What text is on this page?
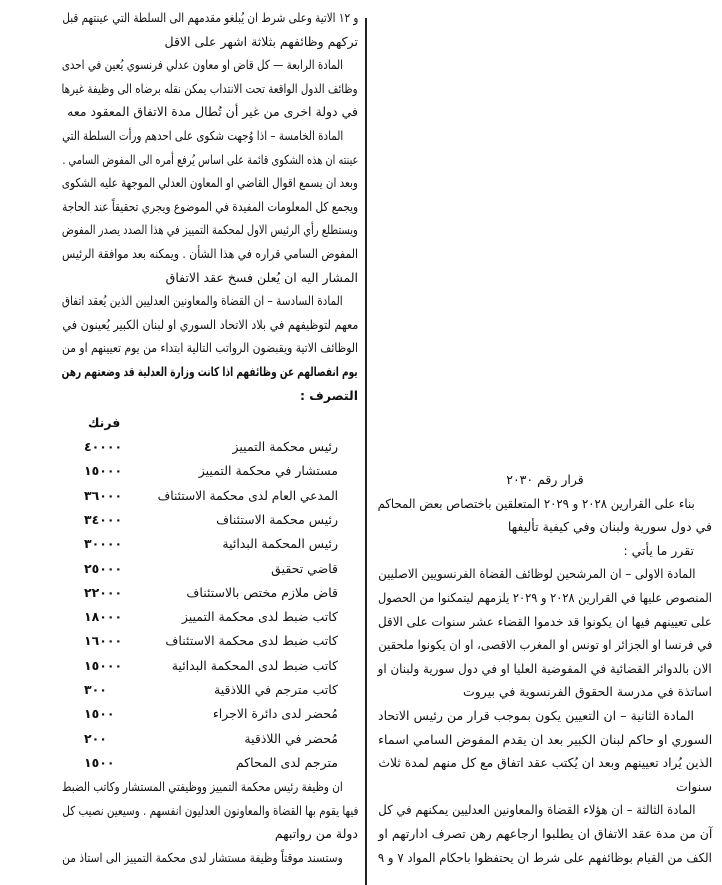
و ١٢ الاتية وعلى شرط ان يُبلغو مقدمهم الى السلطة التي عينتهم قبل
تركهم وظائفهم بثلاثة اشهر على الاقل
المادة الرابعة — كل قاض او معاون عدلي فرنسوي يُعين في احدى
وظائف الدول الواقعة تحت الانتداب يمكن نقله برضاه الى وظيفة غيرها
في دولة اخرى من غير أن تُطال مدة الاتفاق المعقود معه
المادة الخامسة – اذا وُجهت شكوى على احدهم ورأت السلطة التي
عينته ان هذه الشكوى قائمة على اساس يُرفع أمره الى المفوض السامي .
وبعد ان يسمع اقوال القاضي او المعاون العدلي الموجهة عليه الشكوى
ويجمع كل المعلومات المفيدة في الموضوع ويجري تحقيقاً عند الحاجة
ويستطلع رأي الرئيس الاول لمحكمة التمييز في هذا الصدد يصدر المفوض
المفوض السامي قراره في هذا الشأن . ويمكنه بعد موافقة الرئيس
المشار اليه ان يُعلن فسخ عقد الاتفاق
المادة السادسة – ان القضاة والمعاونين العدليين الذين يُعقد اتفاق
معهم لتوظيفهم في بلاد الاتحاد السوري او لبنان الكبير يُعينون في
الوظائف الاتية ويقبضون الرواتب التالية ابتداء من يوم تعيينهم او من
يوم انفصالهم عن وظائفهم اذا كانت وزارة العدلية قد وضعتهم رهن
التصرف :
فرنك
رئيس محكمة التمييز
٤٠٠٠٠
مستشار في محكمة التمييز
١٥٠٠٠
المدعي العام لدى محكمة الاستئناف
٣٦٠٠٠
رئيس محكمة الاستئناف
٣٤٠٠٠
رئيس المحكمة البدائية
٣٠٠٠٠
قاضي تحقيق
٢٥٠٠٠
قاض ملازم مختص بالاستئناف
٢٢٠٠٠
كاتب ضبط لدى محكمة التمييز
١٨٠٠٠
كاتب ضبط لدى محكمة الاستئناف
١٦٠٠٠
كاتب ضبط لدى المحكمة البدائية
١٥٠٠٠
كاتب مترجم في اللاذقية
٣٠٠
مُحضر لدى دائرة الاجراء
١٥٠٠
مُحضر في اللاذقية
٢٠٠
مترجم لدى المحاكم
١٥٠٠
ان وظيفة رئيس محكمة التمييز ووظيفتي المستشار وكاتب الضبط
فيها يقوم بها القضاة والمعاونون العدليون انفسهم . وسيعين نصيب كل
دولة من رواتبهم
وستسند موقتاً وظيفة مستشار لدى محكمة التمييز الى استاذ من
قرار رقم ٢٠٣٠
بناء على القرارين ٢٠٢٨ و ٢٠٢٩ المتعلقين باختصاص بعض المحاكم
في دول سورية ولبنان وفي كيفية تأليفها
تقرر ما يأتي :
المادة الاولى – ان المرشحين لوظائف القضاة الفرنسويين الاصليين
المنصوص عليها في القرارين ٢٠٢٨ و ٢٠٢٩ يلزمهم ليتمكنوا من الحصول
على تعيينهم فيها ان يكونوا قد خدموا القضاء عشر سنوات على الاقل
في فرنسا او الجزائر او تونس او المغرب الاقصى، او ان يكونوا ملحقين
الان بالدوائر القضائية في المفوضية العليا او في دول سورية ولبنان او
اساتذة في مدرسة الحقوق الفرنسوية في بيروت
المادة الثانية – ان التعيين يكون بموجب قرار من رئيس الاتحاد
السوري او حاكم لبنان الكبير بعد ان يقدم المفوض السامي اسماء
الذين يُراد تعيينهم وبعد ان يُكتب عقد اتفاق مع كل منهم لمدة ثلاث
سنوات
المادة الثالثة – ان هؤلاء القضاة والمعاونين العدليين يمكنهم في كل
آن من مدة عقد الاتفاق ان يطلبوا ارجاعهم رهن تصرف ادارتهم او
الكف من القيام بوظائفهم على شرط ان يحتفظوا باحكام المواد ٧ و ٩
